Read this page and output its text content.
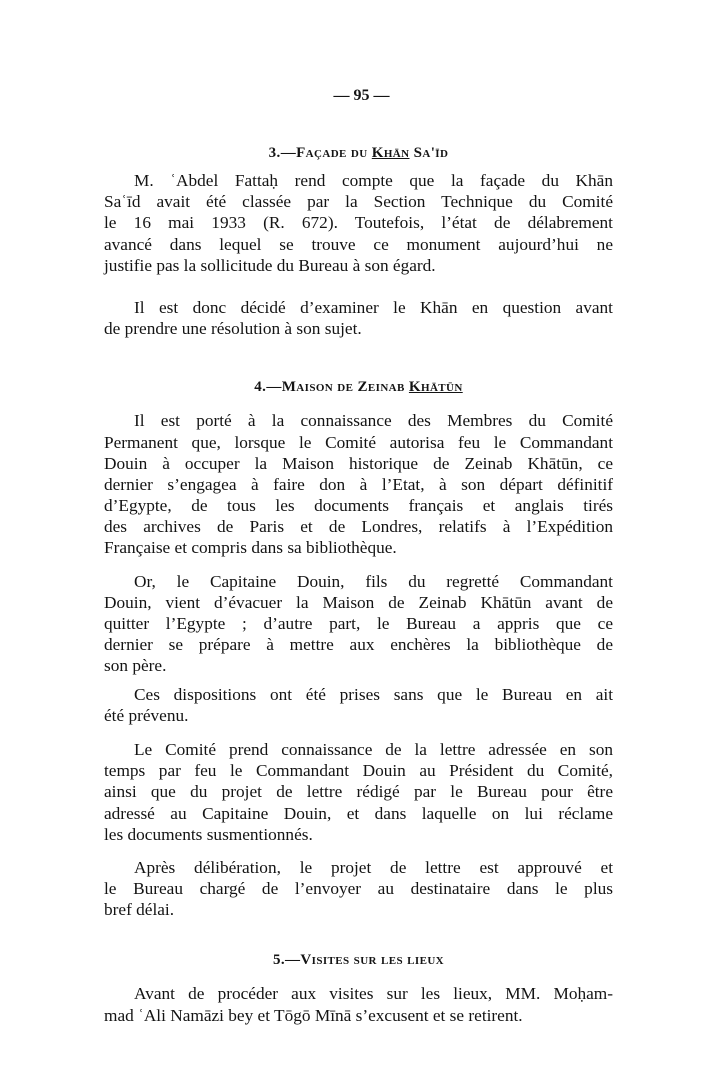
— 95 —
3.—Façade du Khān Sa'īd
M. ʿAbdel Fattaḥ rend compte que la façade du Khān
Saʿīd avait été classée par la Section Technique du Comité
le 16 mai 1933 (R. 672). Toutefois, l’état de délabrement
avancé dans lequel se trouve ce monument aujourd’hui ne
justifie pas la sollicitude du Bureau à son égard.
Il est donc décidé d’examiner le Khān en question avant
de prendre une résolution à son sujet.
4.—Maison de Zeinab Khātūn
Il est porté à la connaissance des Membres du Comité
Permanent que, lorsque le Comité autorisa feu le Commandant
Douin à occuper la Maison historique de Zeinab Khātūn, ce
dernier s’engagea à faire don à l’Etat, à son départ définitif
d’Egypte, de tous les documents français et anglais tirés
des archives de Paris et de Londres, relatifs à l’Expédition
Française et compris dans sa bibliothèque.
Or, le Capitaine Douin, fils du regretté Commandant
Douin, vient d’évacuer la Maison de Zeinab Khātūn avant de
quitter l’Egypte ; d’autre part, le Bureau a appris que ce
dernier se prépare à mettre aux enchères la bibliothèque de
son père.
Ces dispositions ont été prises sans que le Bureau en ait
été prévenu.
Le Comité prend connaissance de la lettre adressée en son
temps par feu le Commandant Douin au Président du Comité,
ainsi que du projet de lettre rédigé par le Bureau pour être
adressé au Capitaine Douin, et dans laquelle on lui réclame
les documents susmentionnés.
Après délibération, le projet de lettre est approuvé et
le Bureau chargé de l’envoyer au destinataire dans le plus
bref délai.
5.—Visites sur les lieux
Avant de procéder aux visites sur les lieux, MM. Moḥam-
mad ʿAli Namāzi bey et Tōgō Mīnā s’excusent et se retirent.
